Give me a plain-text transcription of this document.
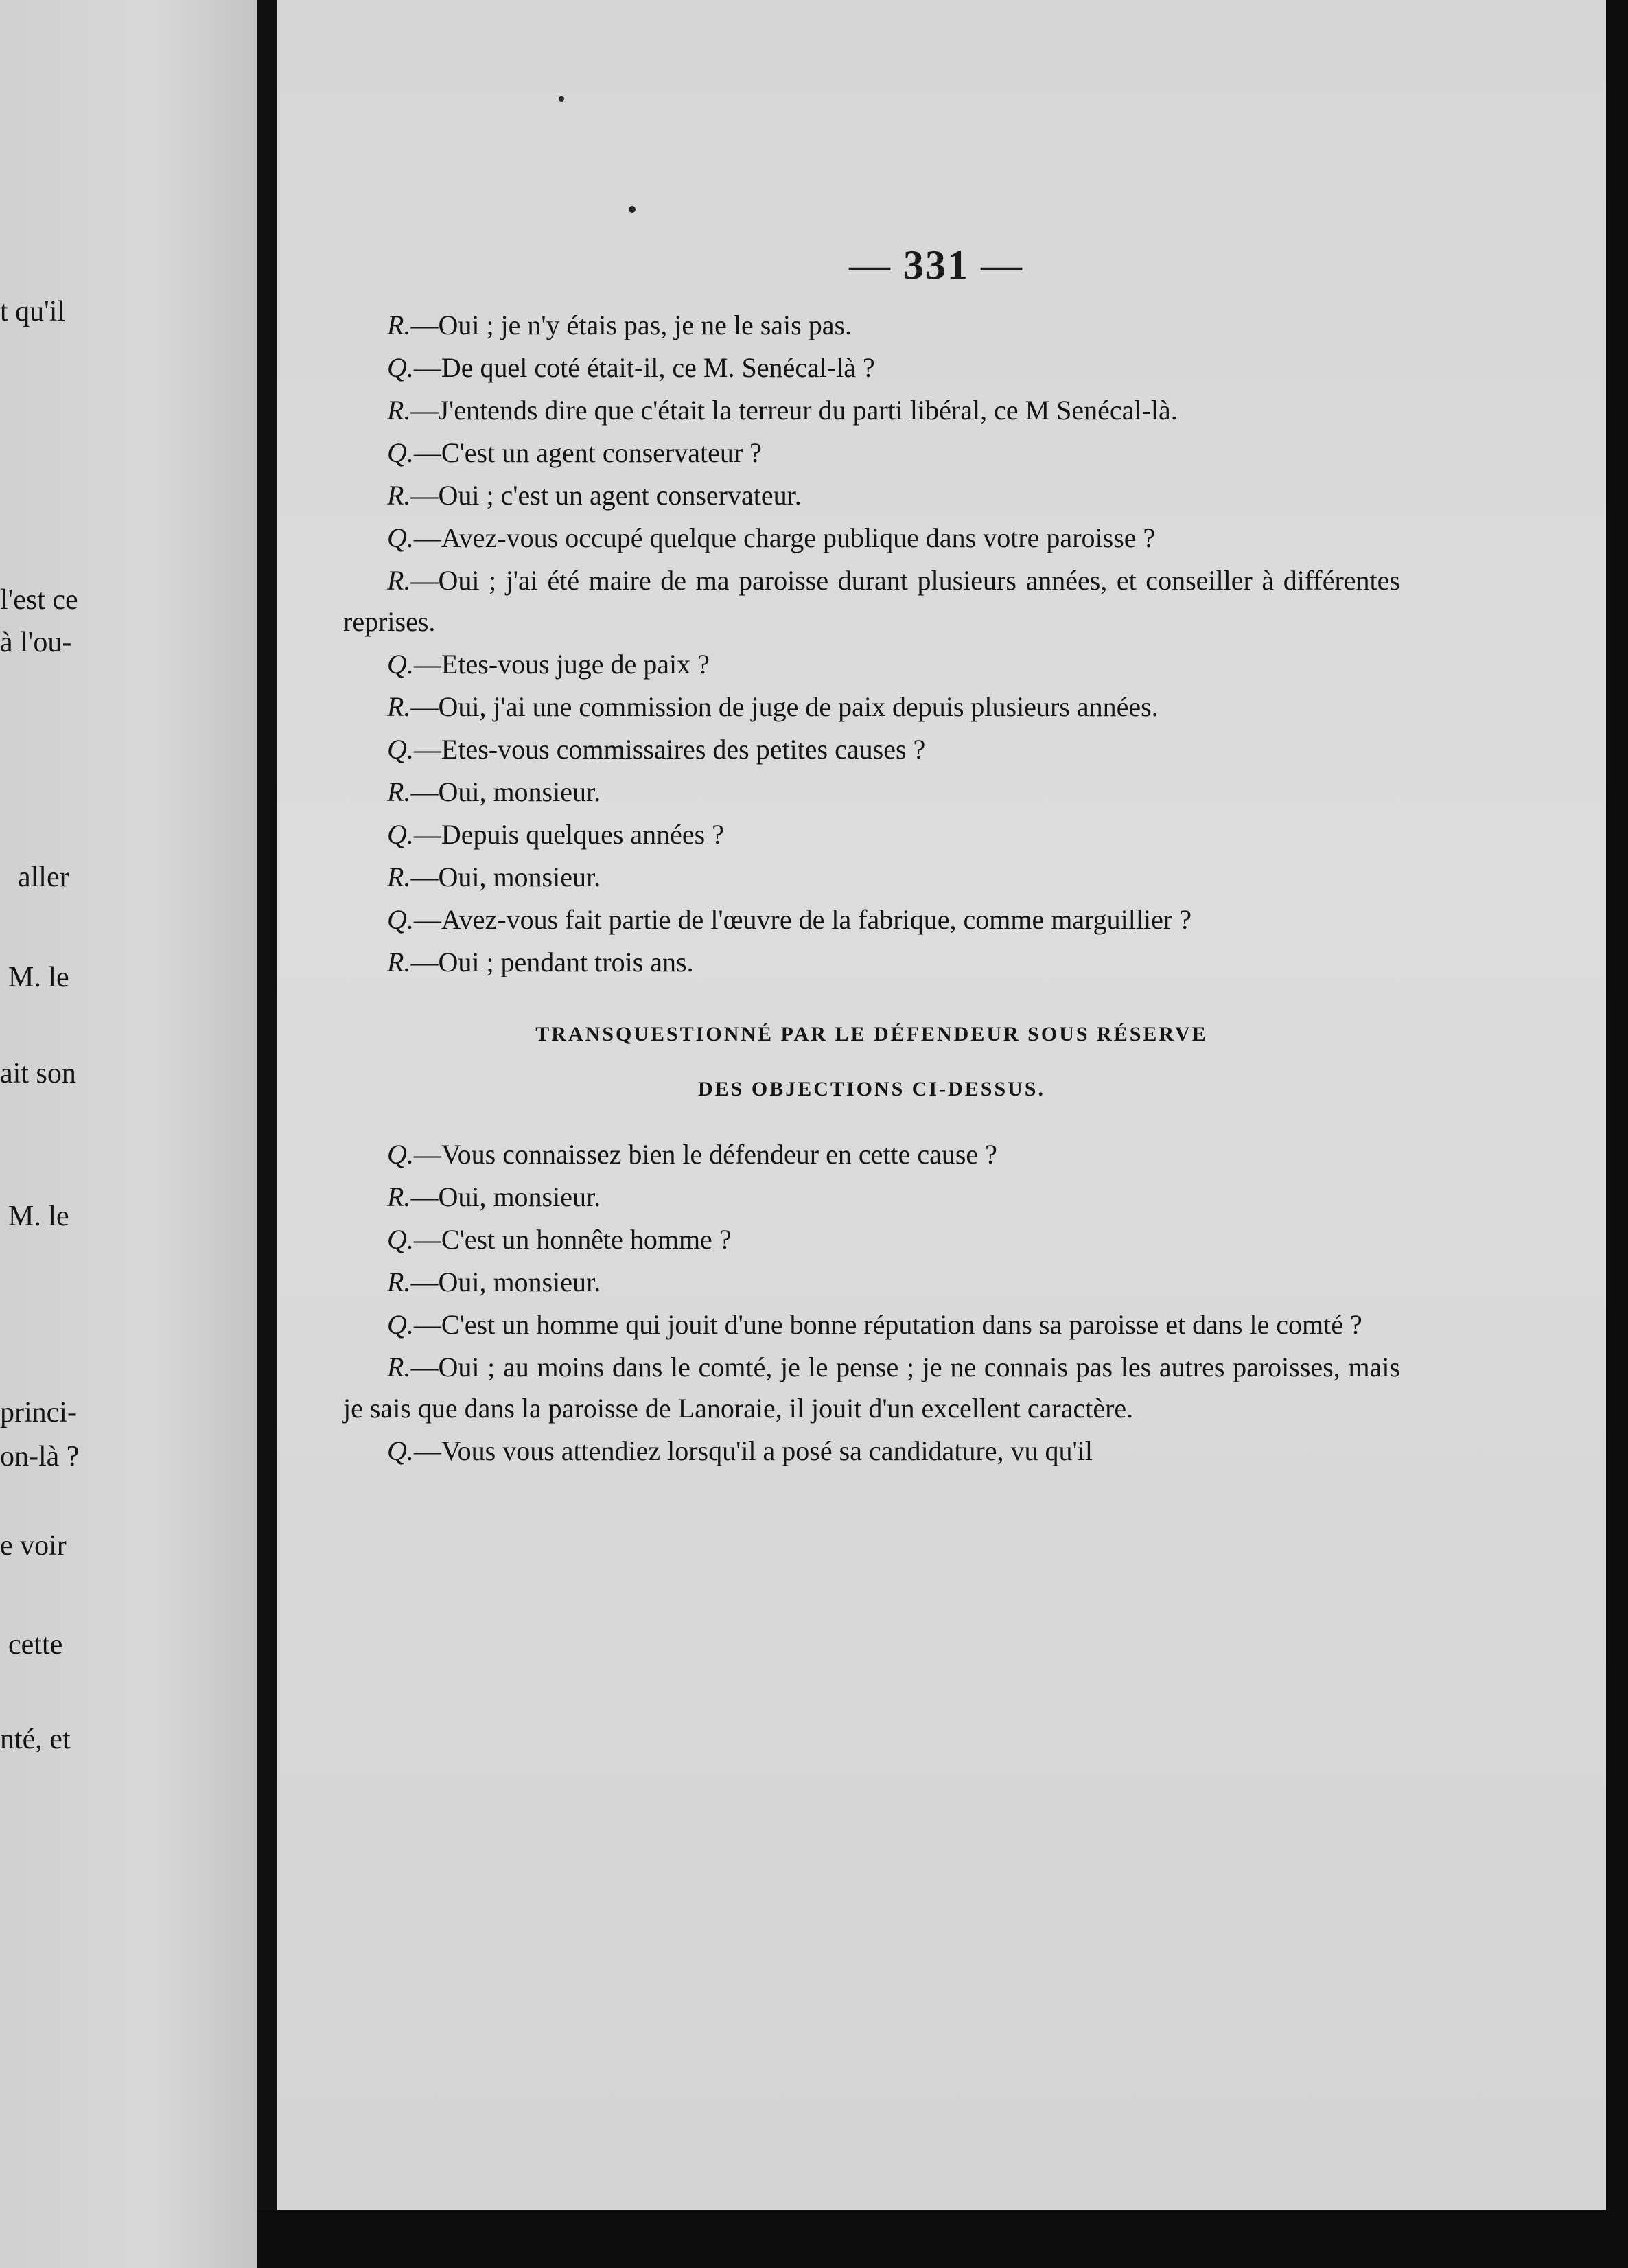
t qu'il
l'est ce
à l'ou-
aller
M. le
ait son
M. le
princi-
on-là ?
e voir
cette
nté, et
— 331 —

R.—Oui ; je n'y étais pas, je ne le sais pas.

Q.—De quel coté était-il, ce M. Senécal-là ?

R.—J'entends dire que c'était la terreur du parti libéral, ce M Senécal-là.

Q.—C'est un agent conservateur ?

R.—Oui ; c'est un agent conservateur.

Q.—Avez-vous occupé quelque charge publique dans votre paroisse ?

R.—Oui ; j'ai été maire de ma paroisse durant plusieurs années, et conseiller à différentes reprises.

Q.—Etes-vous juge de paix ?

R.—Oui, j'ai une commission de juge de paix depuis plusieurs années.

Q.—Etes-vous commissaires des petites causes ?

R.—Oui, monsieur.

Q.—Depuis quelques années ?

R.—Oui, monsieur.

Q.—Avez-vous fait partie de l'œuvre de la fabrique, comme marguillier ?

R.—Oui ; pendant trois ans.

TRANSQUESTIONNÉ PAR LE DÉFENDEUR SOUS RÉSERVE
DES OBJECTIONS CI-DESSUS.

Q.—Vous connaissez bien le défendeur en cette cause ?

R.—Oui, monsieur.

Q.—C'est un honnête homme ?

R.—Oui, monsieur.

Q.—C'est un homme qui jouit d'une bonne réputation dans sa paroisse et dans le comté ?

R.—Oui ; au moins dans le comté, je le pense ; je ne connais pas les autres paroisses, mais je sais que dans la paroisse de Lanoraie, il jouit d'un excellent caractère.

Q.—Vous vous attendiez lorsqu'il a posé sa candidature, vu qu'il
